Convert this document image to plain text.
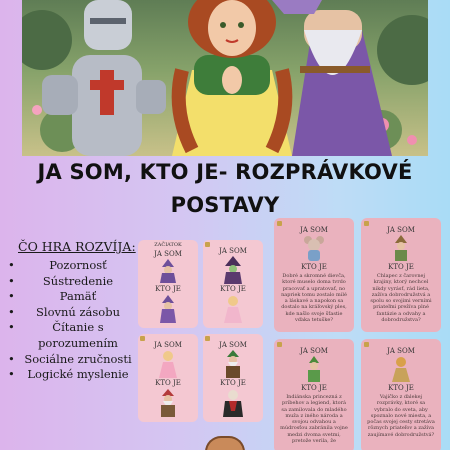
JA SOM, KTO JE- ROZPRÁVKOVÉ
POSTAVY
ČO HRA ROZVÍJA:
• Pozornosť
• Sústredenie
• Pamäť
• Slovnú zásobu
• Čítanie s porozumením
• Sociálne zručnosti
• Logické myslenie
ZAČIATOK
JA SOM
KTO JE
JA SOM
KTO JE
JA SOM
KTO JE
JA SOM
KTO JE
JA SOM
KTO JE
Dobré a skromné dievča, ktoré muselo doma tvrdo pracovať a upratovať, no napriek tomu zostalo milé a láskavé a napokon sa dostalo na kráľovský ples, kde našlo svoje šťastie vďaka tetuške?
JA SOM
KTO JE
Chlapec z čarovnej krajiny, ktorý nechcel nikdy vyrásť, rád lieta, zažíva dobrodružstvá a spolu so svojimi verními priateľmi prežíva plné fantázie a odvahy a dobrodružstva?
JA SOM
KTO JE
Indiánska princezná z príbehov a legiend, ktorá sa zamilovala do mladého muža z iného národa a svojou odvahou a múdrosťou zabránila vojne medzi dvoma svetmi, pretože verila, že
JA SOM
KTO JE
Vajíčko z ďalekej rozprávky, ktoré sa vybralo do sveta, aby spoznalo nové miesta, a počas svojej cesty stretáva rôznych priateľov a zažíva zaujímavé dobrodružstvá?
